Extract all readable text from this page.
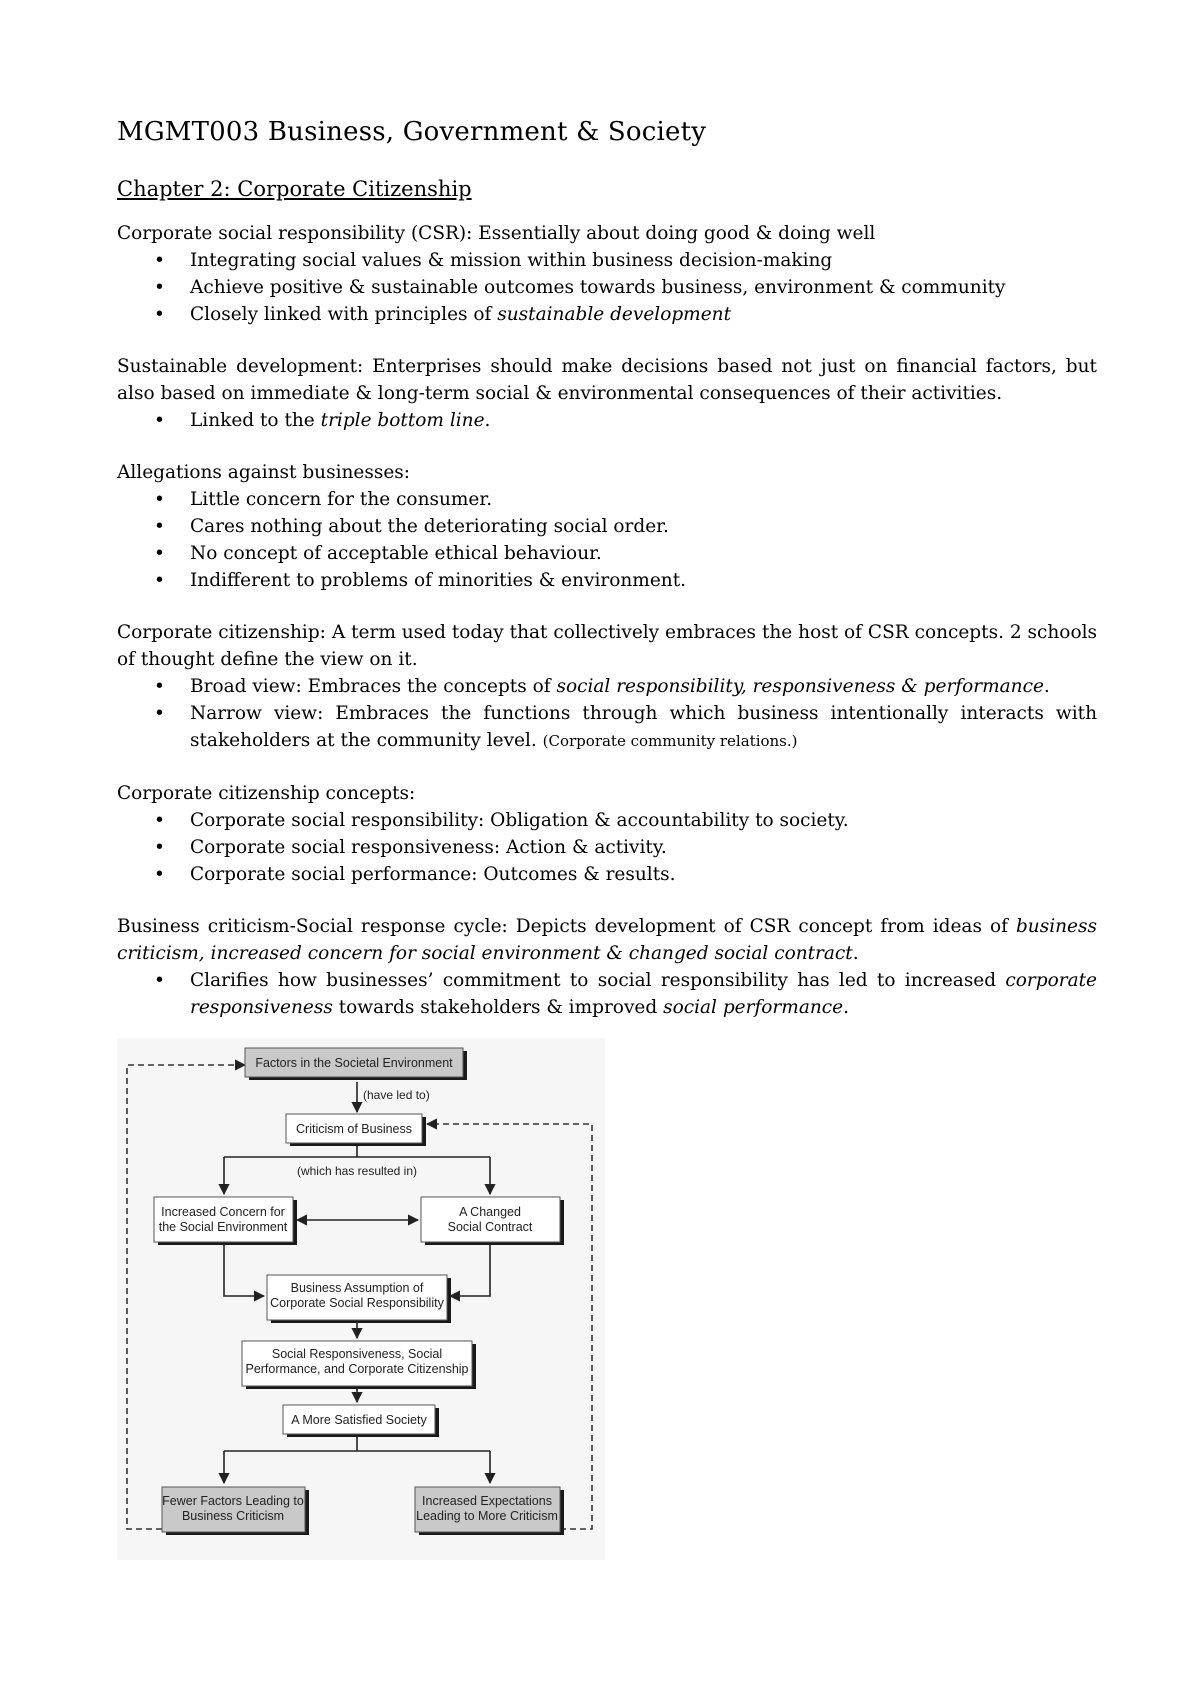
MGMT003 Business, Government & Society
Chapter 2: Corporate Citizenship

Corporate social responsibility (CSR): Essentially about doing good & doing well

• Integrating social values & mission within business decision-making
• Achieve positive & sustainable outcomes towards business, environment & community
• Closely linked with principles of sustainable development

Sustainable development: Enterprises should make decisions based not just on financial factors, but also based on immediate & long-term social & environmental consequences of their activities.

• Linked to the triple bottom line.

Allegations against businesses:

• Little concern for the consumer.
• Cares nothing about the deteriorating social order.
• No concept of acceptable ethical behaviour.
• Indifferent to problems of minorities & environment.

Corporate citizenship: A term used today that collectively embraces the host of CSR concepts. 2 schools of thought define the view on it.

• Broad view: Embraces the concepts of social responsibility, responsiveness & performance.
• Narrow view: Embraces the functions through which business intentionally interacts with stakeholders at the community level. (Corporate community relations.)

Corporate citizenship concepts:

• Corporate social responsibility: Obligation & accountability to society.
• Corporate social responsiveness: Action & activity.
• Corporate social performance: Outcomes & results.

Business criticism-Social response cycle: Depicts development of CSR concept from ideas of business criticism, increased concern for social environment & changed social contract.

• Clarifies how businesses’ commitment to social responsibility has led to increased corporate responsiveness towards stakeholders & improved social performance.
(have led to)
(which has resulted in)
Factors in the Societal Environment
Criticism of Business
Increased Concern for
the Social Environment
A Changed
Social Contract
Business Assumption of
Corporate Social Responsibility
Social Responsiveness, Social
Performance, and Corporate Citizenship
A More Satisfied Society
Fewer Factors Leading to
Business Criticism
Increased Expectations
Leading to More Criticism
